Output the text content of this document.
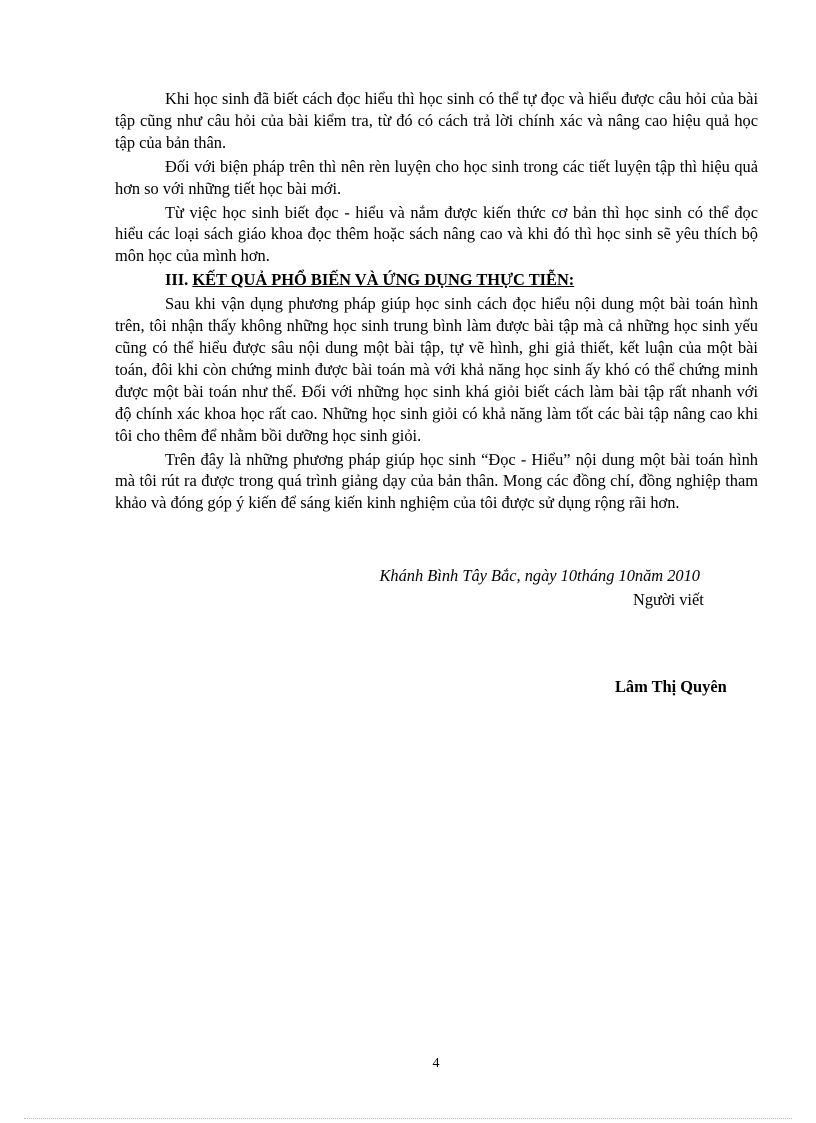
Khi học sinh đã biết cách đọc hiểu thì học sinh có thể tự đọc và hiểu được câu hỏi của bài tập cũng như câu hỏi của bài kiểm tra, từ đó có cách trả lời chính xác và nâng cao hiệu quả học tập của bản thân.

Đối với biện pháp trên thì nên rèn luyện cho học sinh trong các tiết luyện tập thì hiệu quả hơn so với những tiết học bài mới.

Từ việc học sinh biết đọc - hiểu và nắm được kiến thức cơ bản thì học sinh có thể đọc hiểu các loại sách giáo khoa đọc thêm hoặc sách nâng cao và khi đó thì học sinh sẽ yêu thích bộ môn học của mình hơn.

III. KẾT QUẢ PHỔ BIẾN VÀ ỨNG DỤNG THỰC TIỄN:

Sau khi vận dụng phương pháp giúp học sinh cách đọc hiểu nội dung một bài toán hình trên, tôi nhận thấy không những học sinh trung bình làm được bài tập mà cả những học sinh yếu cũng có thể hiểu được sâu nội dung một bài tập, tự vẽ hình, ghi giả thiết, kết luận của một bài toán, đôi khi còn chứng minh được bài toán mà với khả năng học sinh ấy khó có thể chứng minh được một bài toán như thế. Đối với những học sinh khá giỏi biết cách làm bài tập rất nhanh với độ chính xác khoa học rất cao. Những học sinh giỏi có khả năng làm tốt các bài tập nâng cao khi tôi cho thêm để nhằm bồi dưỡng học sinh giỏi.

Trên đây là những phương pháp giúp học sinh “Đọc - Hiểu” nội dung một bài toán hình mà tôi rút ra được trong quá trình giảng dạy của bản thân. Mong các đồng chí, đồng nghiệp tham khảo và đóng góp ý kiến để sáng kiến kinh nghiệm của tôi được sử dụng rộng rãi hơn.

Khánh Bình Tây Bắc, ngày 10tháng 10năm 2010
Người viết
Lâm Thị Quyên
4
